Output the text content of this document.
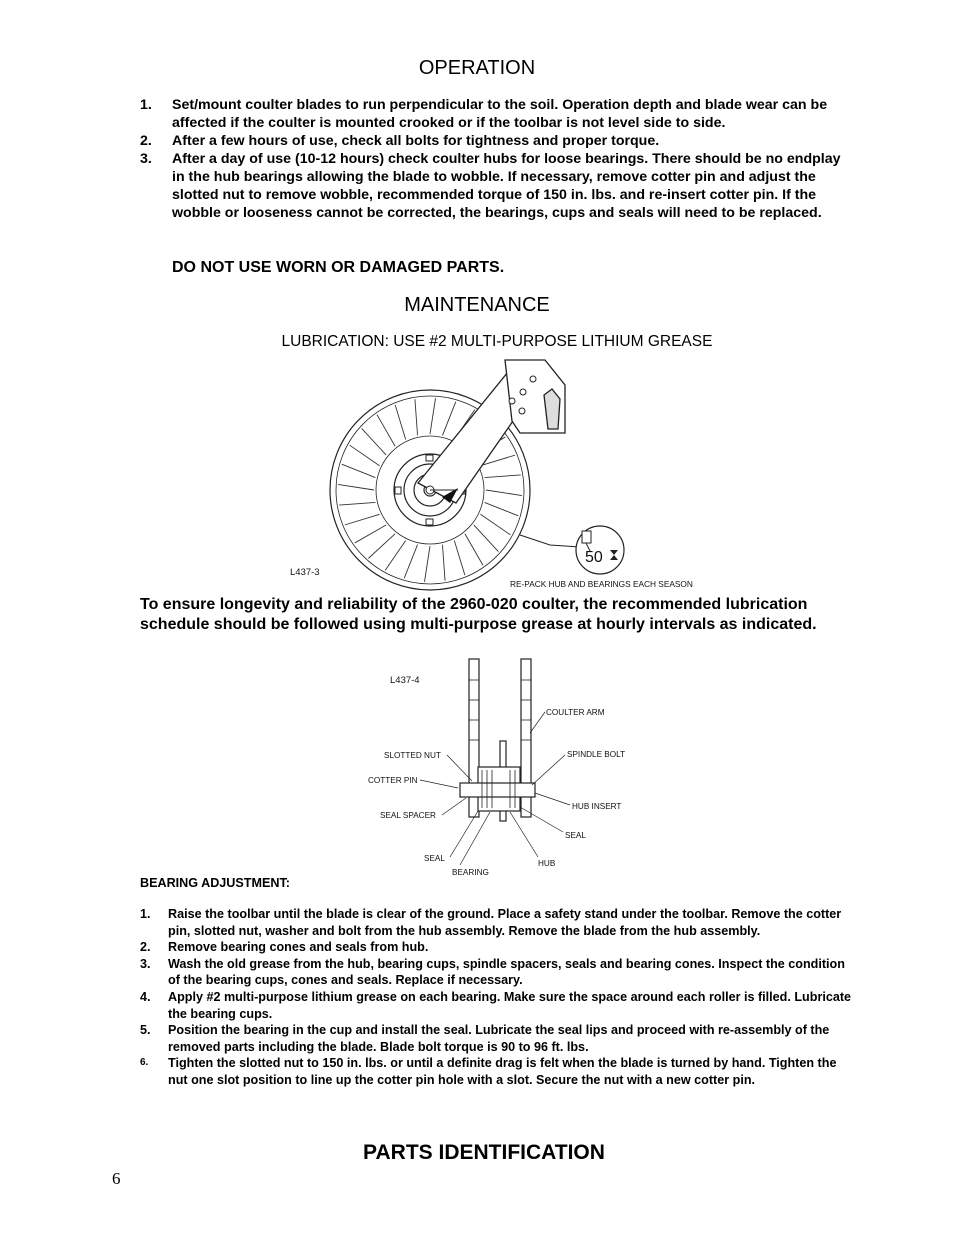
OPERATION
1. Set/mount coulter blades to run perpendicular to the soil. Operation depth and blade wear can be affected if the coulter is mounted crooked or if the toolbar is not level side to side.
2. After a few hours of use, check all bolts for tightness and proper torque.
3. After a day of use (10-12 hours) check coulter hubs for loose bearings. There should be no endplay in the hub bearings allowing the blade to wobble. If necessary, remove cotter pin and adjust the slotted nut to remove wobble, recommended torque of 150 in. lbs. and re-insert cotter pin. If the wobble or looseness cannot be corrected, the bearings, cups and seals will need to be replaced.
DO NOT USE WORN OR DAMAGED PARTS.
MAINTENANCE
LUBRICATION: USE #2 MULTI-PURPOSE LITHIUM GREASE
50
L437-3
RE-PACK HUB AND BEARINGS EACH SEASON
To ensure longevity and reliability of the 2960-020 coulter, the recommended lubrication schedule should be followed using multi-purpose grease at hourly intervals as indicated.
L437-4
COULTER ARM
SLOTTED NUT	SPINDLE BOLT
COTTER PIN
HUB INSERT
SEAL SPACER
SEAL
SEAL
HUB
BEARING
BEARING ADJUSTMENT:
1. Raise the toolbar until the blade is clear of the ground. Place a safety stand under the toolbar. Remove the cotter pin, slotted nut, washer and bolt from the hub assembly. Remove the blade from the hub assembly.
2. Remove bearing cones and seals from hub.
3. Wash the old grease from the hub, bearing cups, spindle spacers, seals and bearing cones. Inspect the condition of the bearing cups, cones and seals. Replace if necessary.
4. Apply #2 multi-purpose lithium grease on each bearing. Make sure the space around each roller is filled. Lubricate the bearing cups.
5. Position the bearing in the cup and install the seal. Lubricate the seal lips and proceed with re-assembly of the removed parts including the blade. Blade bolt torque is 90 to 96 ft. lbs.
6. Tighten the slotted nut to 150 in. lbs. or until a definite drag is felt when the blade is turned by hand. Tighten the nut one slot position to line up the cotter pin hole with a slot. Secure the nut with a new cotter pin.
PARTS IDENTIFICATION
6
